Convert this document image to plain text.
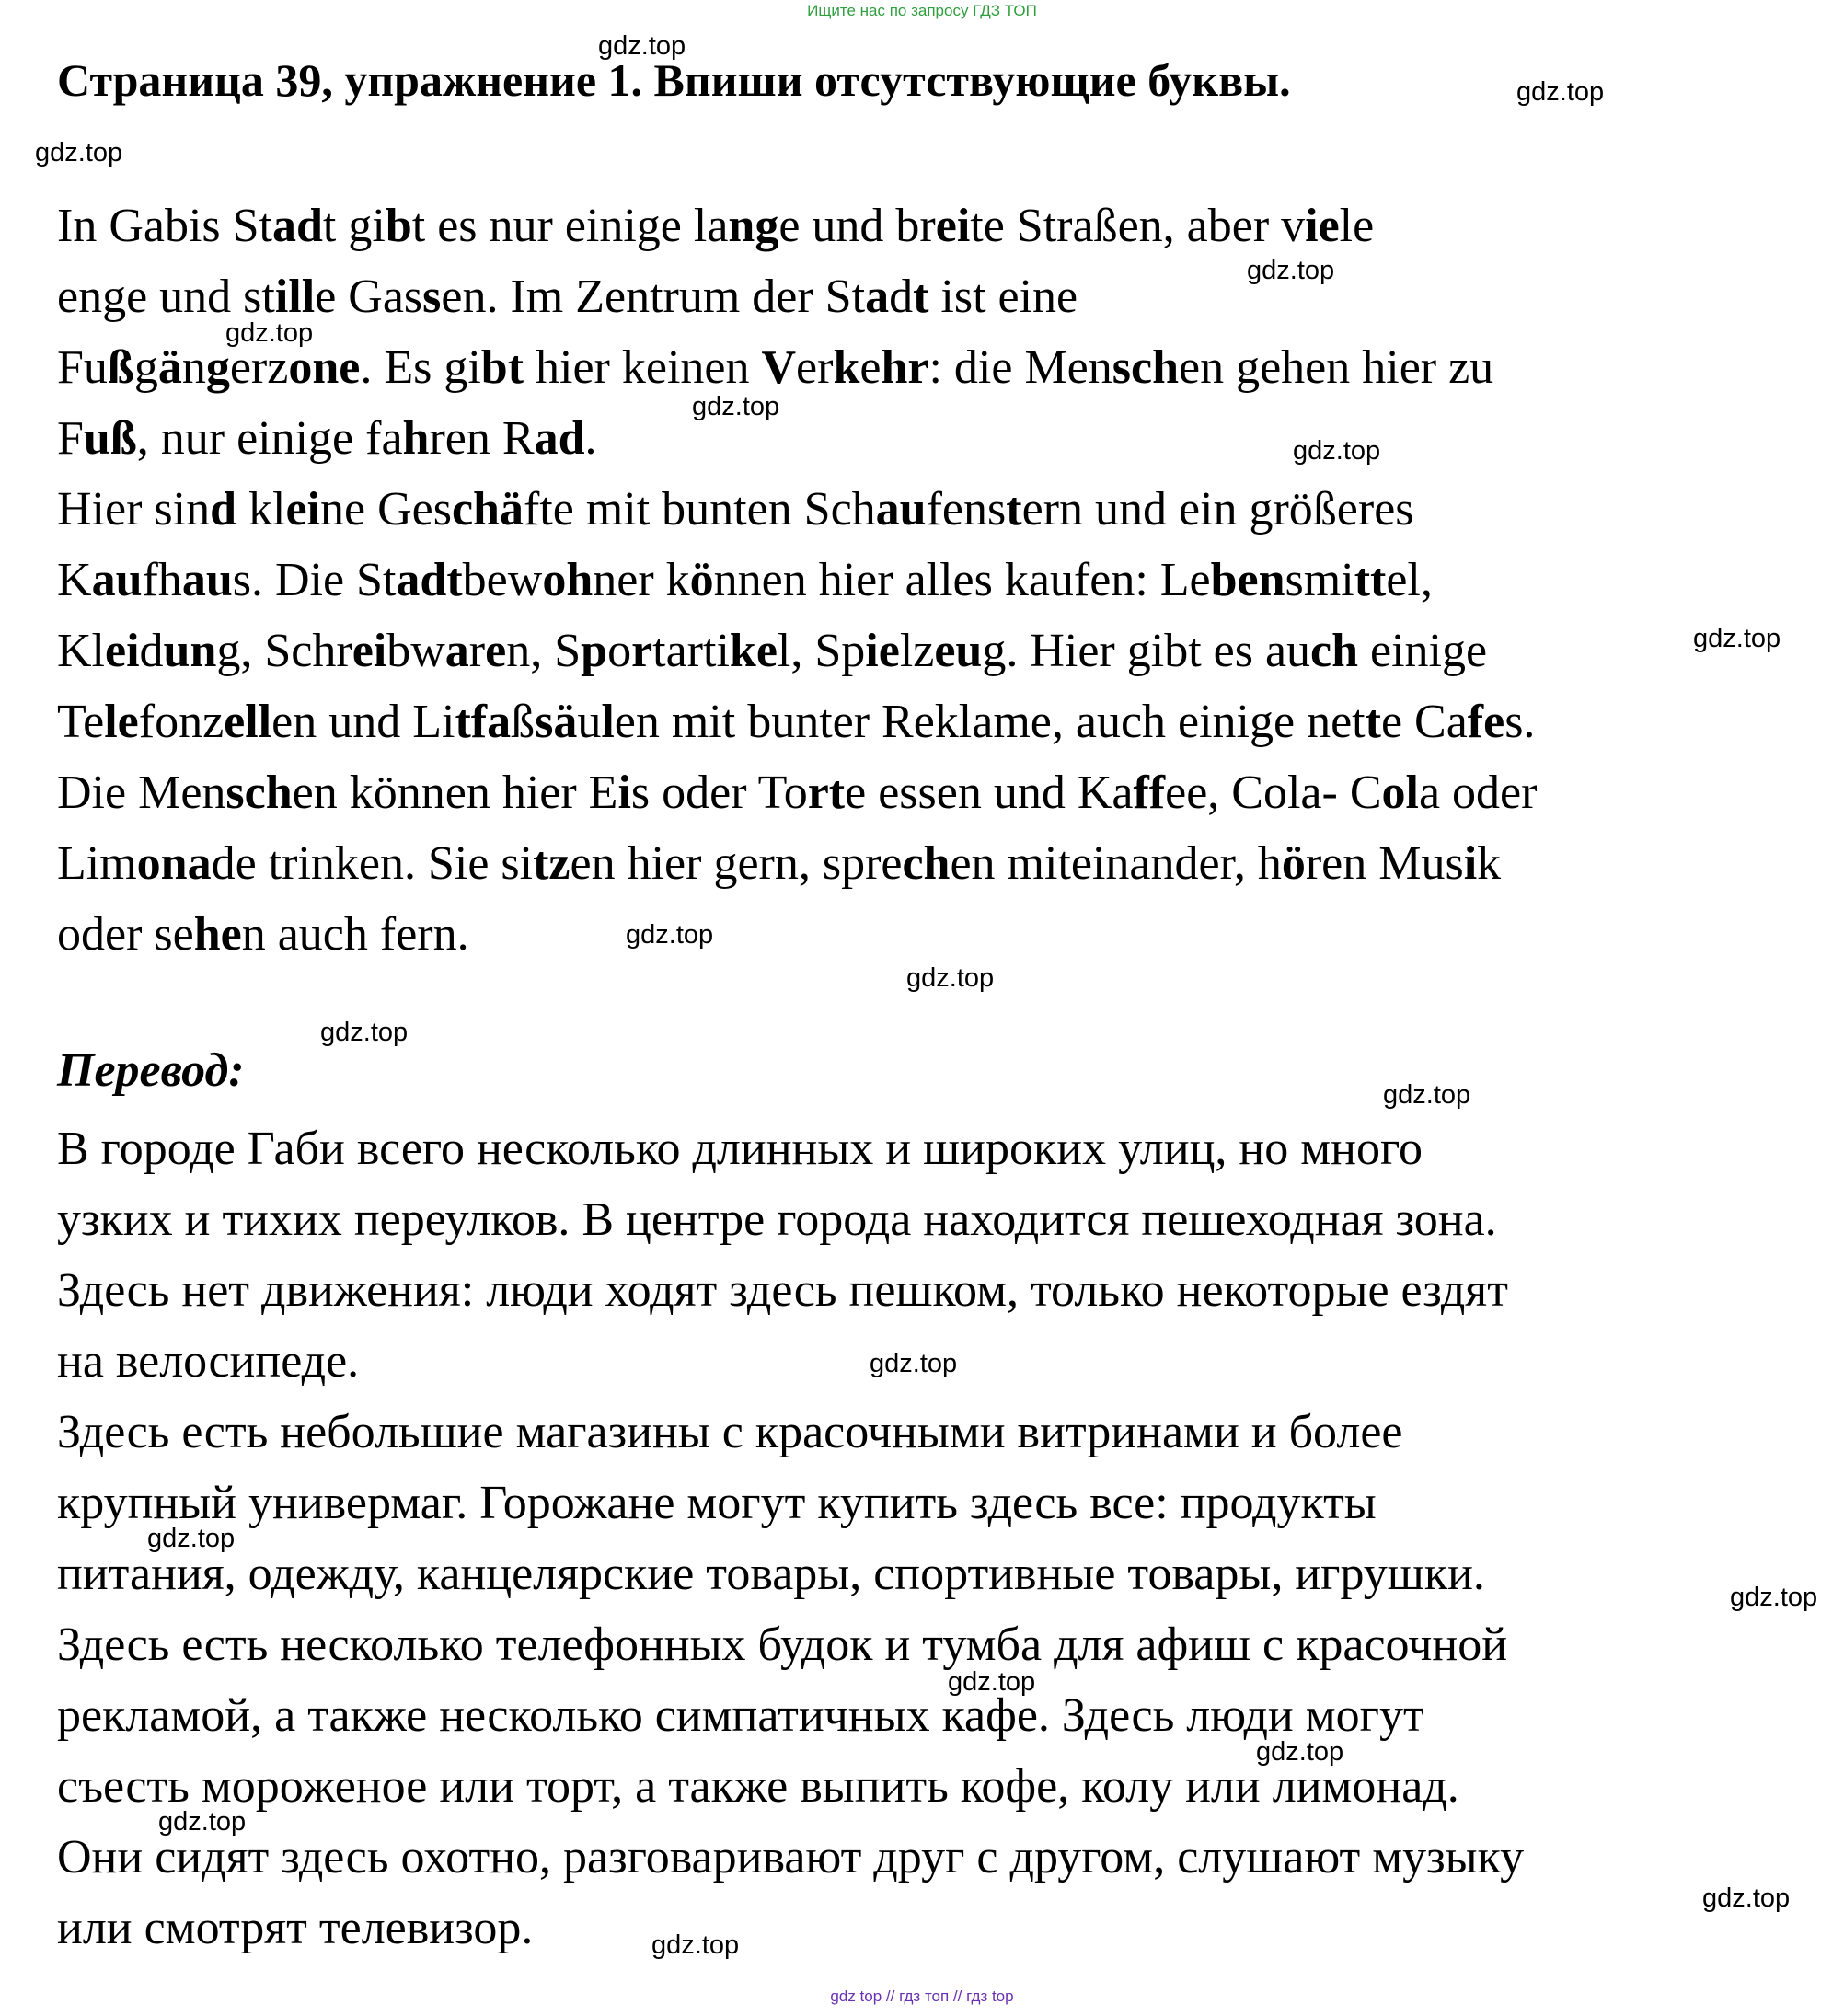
Ищите нас по запросу ГДЗ ТОП
Страница 39, упражнение 1. Впиши отсутствующие буквы.
In Gabis Stadt gibt es nur einige lange und breite Straßen, aber viele
enge und stille Gassen. Im Zentrum der Stadt ist eine
Fußgängerzone. Es gibt hier keinen Verkehr: die Menschen gehen hier zu
Fuß, nur einige fahren Rad.
Hier sind kleine Geschäfte mit bunten Schaufenstern und ein größeres
Kaufhaus. Die Stadtbewohner können hier alles kaufen: Lebensmittel,
Kleidung, Schreibwaren, Sportartikel, Spielzeug. Hier gibt es auch einige
Telefonzellen und Litfaßsäulen mit bunter Reklame, auch einige nette Cafes.
Die Menschen können hier Eis oder Torte essen und Kaffee, Cola- Cola oder
Limonade trinken. Sie sitzen hier gern, sprechen miteinander, hören Musik
oder sehen auch fern.
Перевод:
В городе Габи всего несколько длинных и широких улиц, но много
узких и тихих переулков. В центре города находится пешеходная зона.
Здесь нет движения: люди ходят здесь пешком, только некоторые ездят
на велосипеде.
Здесь есть небольшие магазины с красочными витринами и более
крупный универмаг. Горожане могут купить здесь все: продукты
питания, одежду, канцелярские товары, спортивные товары, игрушки.
Здесь есть несколько телефонных будок и тумба для афиш с красочной
рекламой, а также несколько симпатичных кафе. Здесь люди могут
съесть мороженое или торт, а также выпить кофе, колу или лимонад.
Они сидят здесь охотно, разговаривают друг с другом, слушают музыку
или смотрят телевизор.
gdz.top
gdz.top
gdz.top
gdz.top
gdz.top
gdz.top
gdz.top
gdz.top
gdz.top
gdz.top
gdz.top
gdz.top
gdz.top
gdz.top
gdz.top
gdz.top
gdz.top
gdz.top
gdz.top
gdz.top
gdz top // гдз топ // гдз top
